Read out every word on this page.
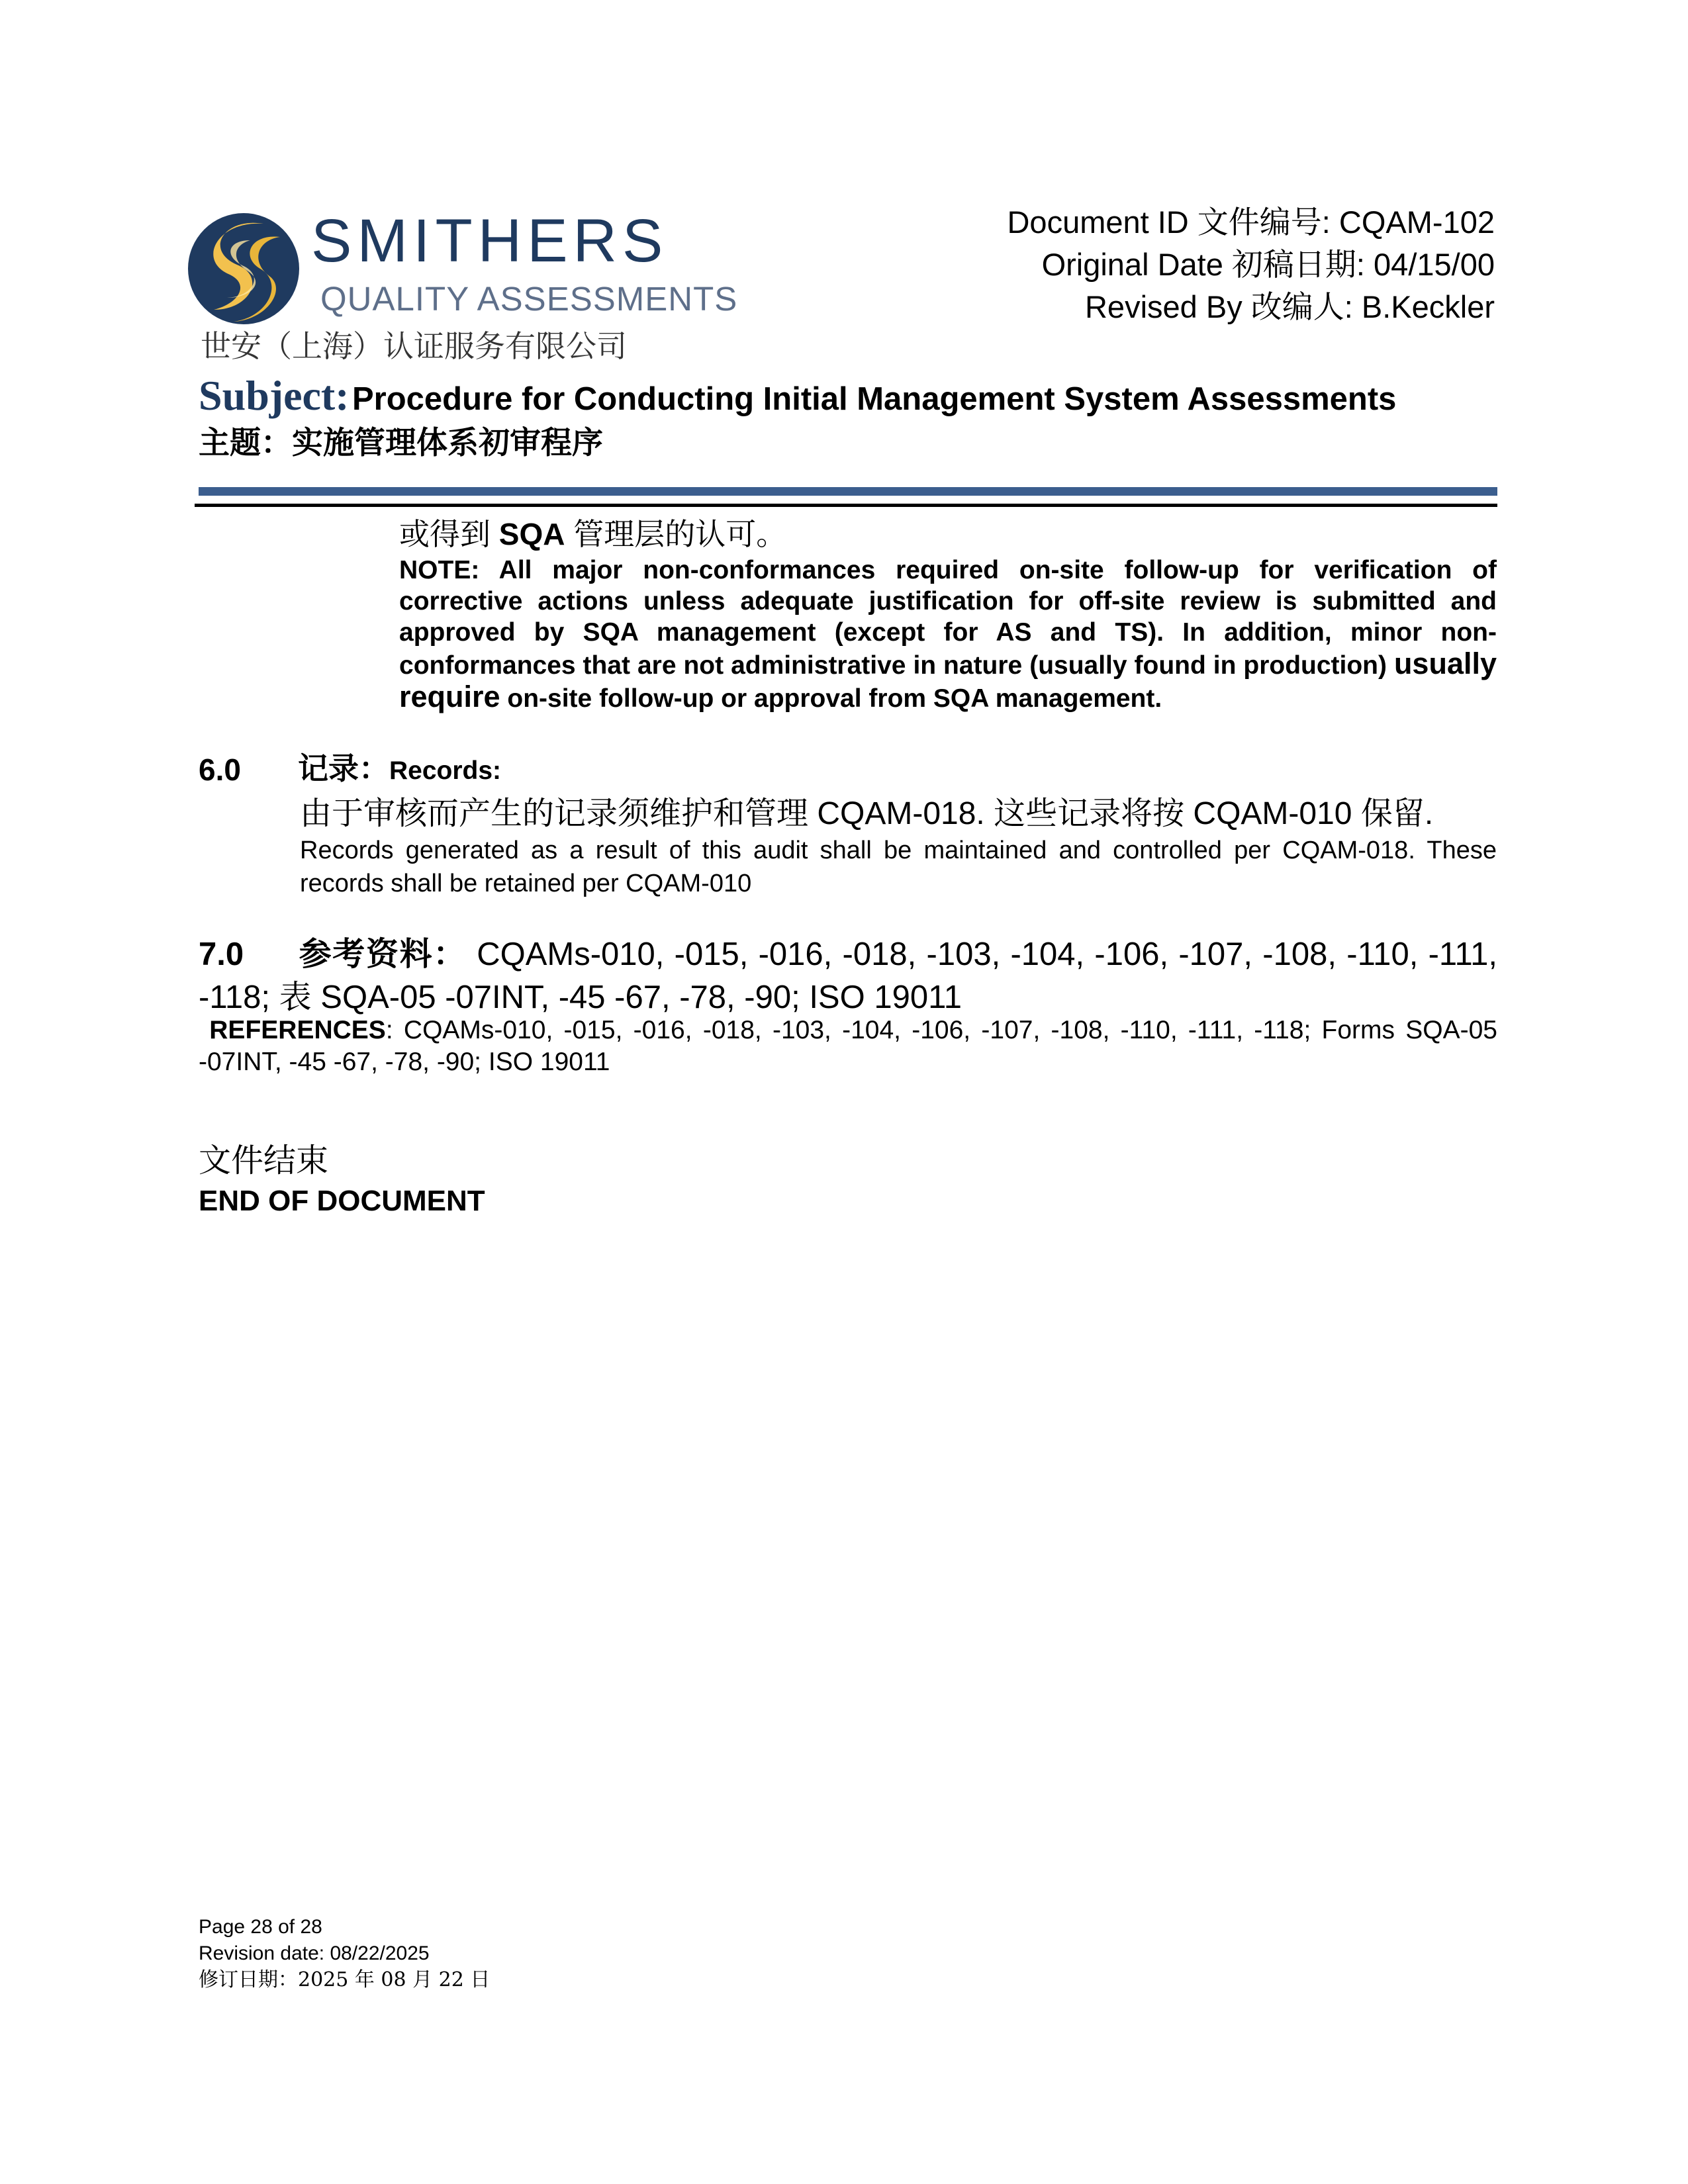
SMITHERS
QUALITY ASSESSMENTS
世安（上海）认证服务有限公司
Document ID 文件编号: CQAM-102
Original Date 初稿日期: 04/15/00
Revised By 改编人: B.Keckler
Subject: Procedure for Conducting Initial Management System Assessments
主题：实施管理体系初审程序
或得到 SQA 管理层的认可。
NOTE: All major non-conformances required on-site follow-up for verification of corrective actions unless adequate justification for off-site review is submitted and approved by SQA management (except for AS and TS). In addition, minor non-conformances that are not administrative in nature (usually found in production) usually require on-site follow-up or approval from SQA management.
6.0 记录：Records:
由于审核而产生的记录须维护和管理 CQAM-018. 这些记录将按 CQAM-010 保留.
Records generated as a result of this audit shall be maintained and controlled per CQAM-018. These records shall be retained per CQAM-010
7.0 参考资料： CQAMs-010, -015, -016, -018, -103, -104, -106, -107, -108, -110, -111, -118; 表 SQA-05 -07INT, -45 -67, -78, -90; ISO 19011
REFERENCES: CQAMs-010, -015, -016, -018, -103, -104, -106, -107, -108, -110, -111, -118; Forms SQA-05 -07INT, -45 -67, -78, -90; ISO 19011
文件结束
END OF DOCUMENT
Page 28 of 28
Revision date: 08/22/2025
修订日期：2025 年 08 月 22 日
